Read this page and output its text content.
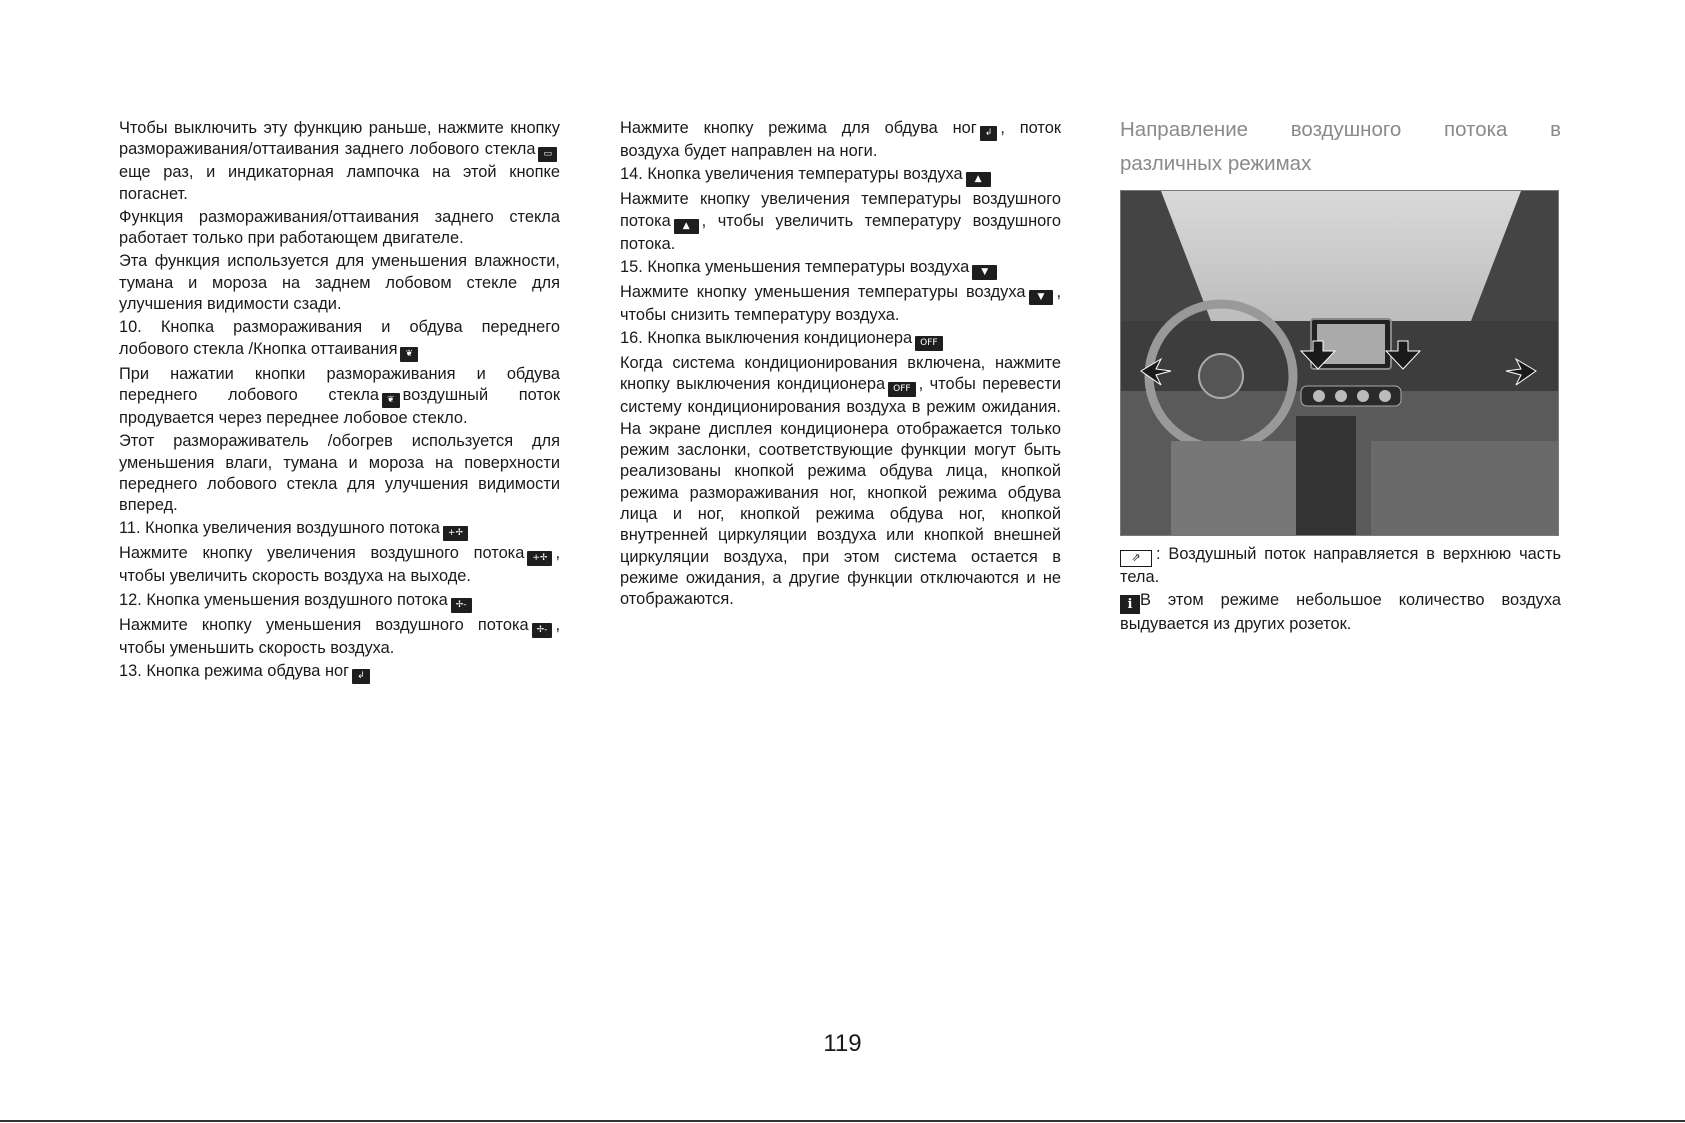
Чтобы выключить эту функцию раньше, нажмите кнопку размораживания/оттаивания заднего лобового стекла ▭еще раз, и индикаторная лампочка на этой кнопке погаснет.

Функция размораживания/оттаивания заднего стекла работает только при работающем двигателе.

Эта функция используется для уменьшения влажности, тумана и мороза на заднем лобовом стекле для улучшения видимости сзади.

10. Кнопка размораживания и обдува переднего лобового стекла /Кнопка оттаивания ❦

При нажатии кнопки размораживания и обдува переднего лобового стекла ❦ воздушный поток продувается через переднее лобовое стекло.

Этот размораживатель /обогрев используется для уменьшения влаги, тумана и мороза на поверхности переднего лобового стекла для улучшения видимости вперед.

11. Кнопка увеличения воздушного потока +✢

Нажмите кнопку увеличения воздушного потока +✢ , чтобы увеличить скорость воздуха на выходе.

12. Кнопка уменьшения воздушного потока ✢-

Нажмите кнопку уменьшения воздушного потока ✢- , чтобы уменьшить скорость воздуха.

13. Кнопка режима обдува ног ↲

Нажмите кнопку режима для обдува ног ↲ , поток воздуха будет направлен на ноги.

14. Кнопка увеличения температуры воздуха ▲

Нажмите кнопку увеличения температуры воздушного потока ▲ , чтобы увеличить температуру воздушного потока.

15. Кнопка уменьшения температуры воздуха ▼

Нажмите кнопку уменьшения температуры воздуха ▼ , чтобы снизить температуру воздуха.

16. Кнопка выключения кондиционера OFF

Когда система кондиционирования включена, нажмите кнопку выключения кондиционера OFF , чтобы перевести систему кондиционирования воздуха в режим ожидания. На экране дисплея кондиционера отображается только режим заслонки, соответствующие функции могут быть реализованы кнопкой режима обдува лица, кнопкой режима размораживания ног, кнопкой режима обдува лица и ног, кнопкой режима обдува ног, кнопкой внутренней циркуляции воздуха или кнопкой внешней циркуляции воздуха, при этом система остается в режиме ожидания, а другие функции отключаются и не отображаются.

Направление воздушного потока в
различных режимах

⇗ : Воздушный поток направляется в верхнюю часть тела.

i В этом режиме небольшое количество воздуха выдувается из других розеток.

119
